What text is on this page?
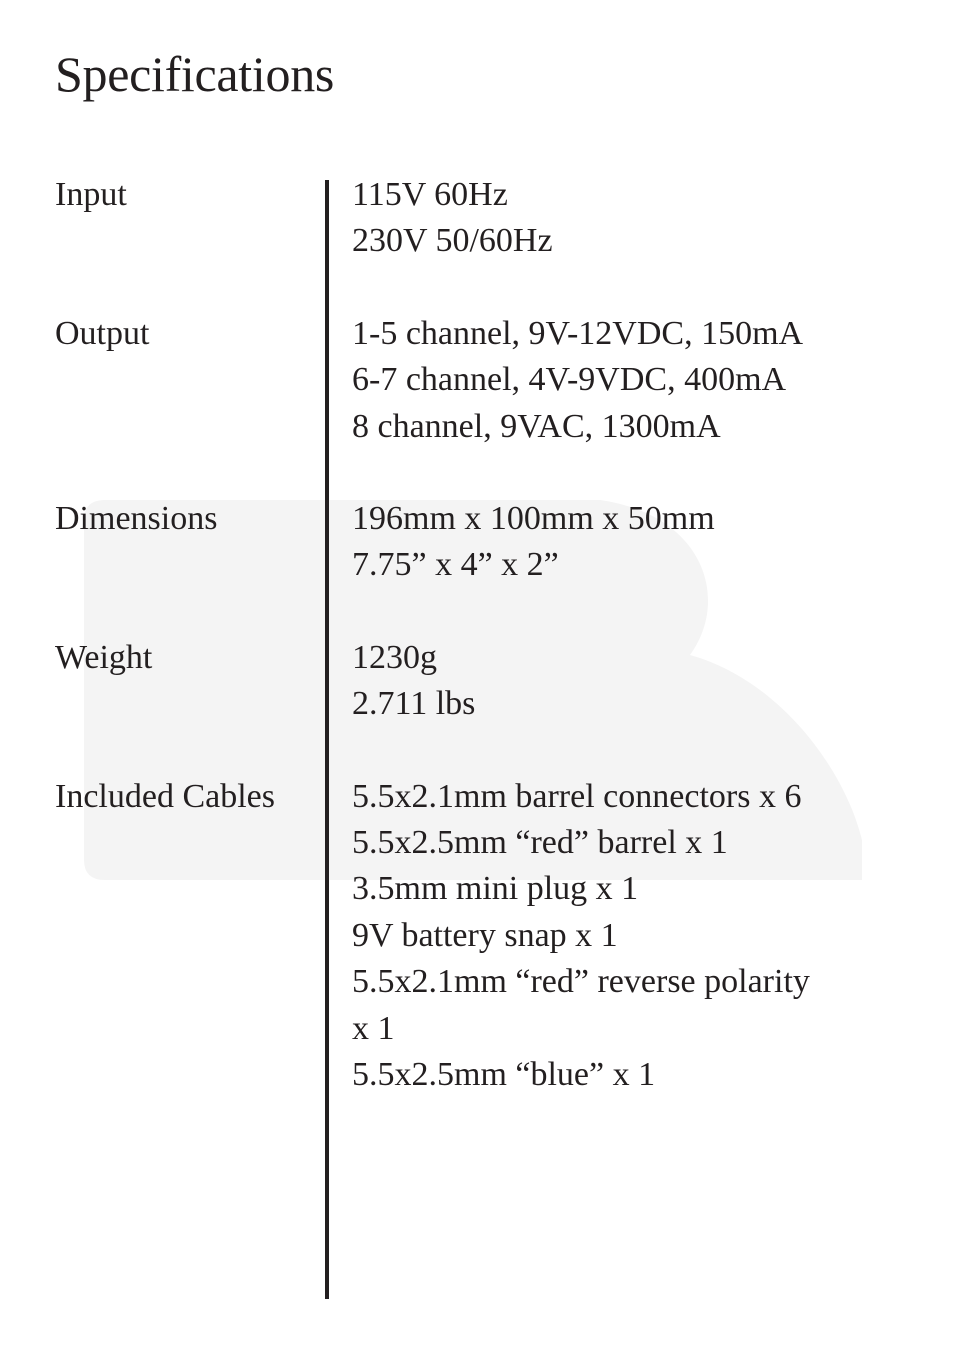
Specifications
Input	115V 60Hz
230V 50/60Hz
Output	1-5 channel, 9V-12VDC, 150mA
6-7 channel, 4V-9VDC, 400mA
8 channel, 9VAC, 1300mA
Dimensions	196mm x 100mm x 50mm
7.75” x 4” x 2”
Weight	1230g
2.711 lbs
Included Cables	5.5x2.1mm barrel connectors x 6
5.5x2.5mm “red” barrel x 1
3.5mm mini plug x 1
9V battery snap x 1
5.5x2.1mm “red” reverse polarity
x 1
5.5x2.5mm “blue” x 1
